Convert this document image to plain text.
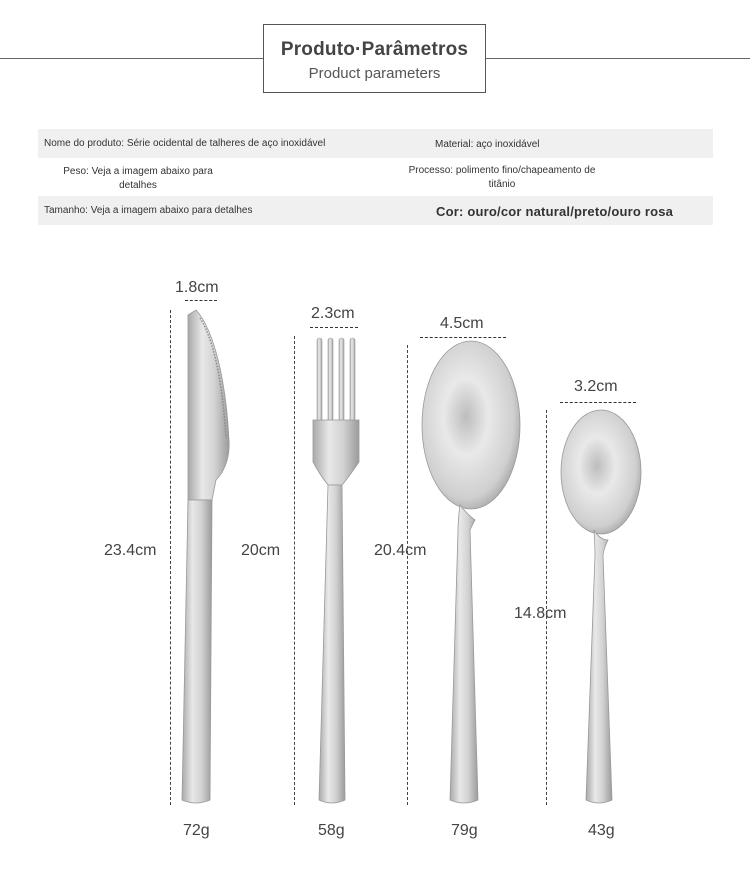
Produto·Parâmetros
Product parameters
Nome do produto: Série ocidental de talheres de aço inoxidável	Material: aço inoxidável
Peso: Veja a imagem abaixo para
detalhes
Processo: polimento fino/chapeamento de
titânio
Tamanho: Veja a imagem abaixo para detalhes	Cor: ouro/cor natural/preto/ouro rosa
1.8cm
2.3cm
4.5cm
3.2cm
23.4cm	20cm	20.4cm
14.8cm
72g	58g	79g	43g
